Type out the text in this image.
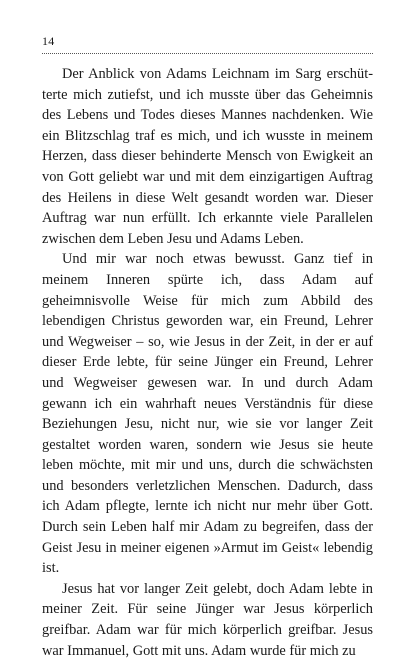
14

Der Anblick von Adams Leichnam im Sarg erschütterte mich zutiefst, und ich musste über das Geheimnis des Lebens und Todes dieses Mannes nachdenken. Wie ein Blitzschlag traf es mich, und ich wusste in meinem Herzen, dass dieser behinderte Mensch von Ewigkeit an von Gott geliebt war und mit dem einzigartigen Auftrag des Heilens in diese Welt gesandt worden war. Dieser Auftrag war nun erfüllt. Ich erkannte viele Parallelen zwischen dem Leben Jesu und Adams Leben.

Und mir war noch etwas bewusst. Ganz tief in meinem Inneren spürte ich, dass Adam auf geheimnisvolle Weise für mich zum Abbild des lebendigen Christus geworden war, ein Freund, Lehrer und Wegweiser – so, wie Jesus in der Zeit, in der er auf dieser Erde lebte, für seine Jünger ein Freund, Lehrer und Wegweiser gewesen war. In und durch Adam gewann ich ein wahrhaft neues Verständnis für diese Beziehungen Jesu, nicht nur, wie sie vor langer Zeit gestaltet worden waren, sondern wie Jesus sie heute leben möchte, mit mir und uns, durch die schwächsten und besonders verletzlichen Menschen. Dadurch, dass ich Adam pflegte, lernte ich nicht nur mehr über Gott. Durch sein Leben half mir Adam zu begreifen, dass der Geist Jesu in meiner eigenen »Armut im Geist« lebendig ist.

Jesus hat vor langer Zeit gelebt, doch Adam lebte in meiner Zeit. Für seine Jünger war Jesus körperlich greifbar. Adam war für mich körperlich greifbar. Jesus war Immanuel, Gott mit uns. Adam wurde für mich zu
